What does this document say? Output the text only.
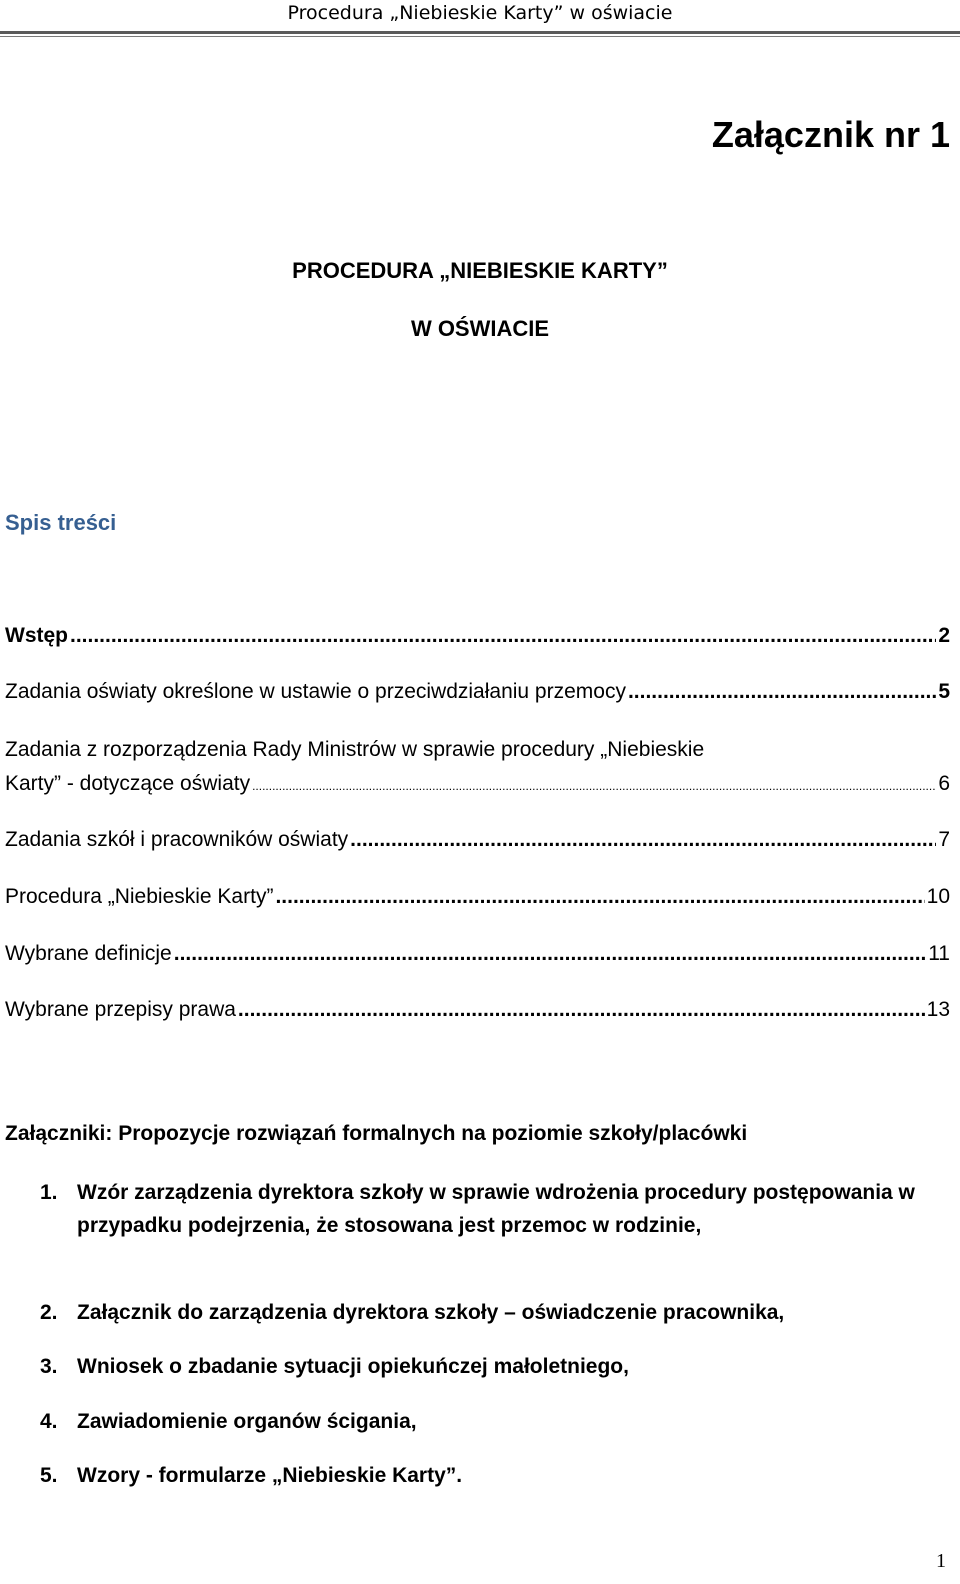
Procedura „Niebieskie Karty” w oświacie
Załącznik nr 1
PROCEDURA „NIEBIESKIE KARTY”
W OŚWIACIE
Spis treści
Wstęp .....	2
Zadania oświaty określone w ustawie o przeciwdziałaniu przemocy .....	5
Zadania z rozporządzenia Rady Ministrów w sprawie procedury „Niebieskie
Karty” - dotyczące oświaty .....	6
Zadania szkół i pracowników oświaty .....	7
Procedura „Niebieskie Karty” .....	10
Wybrane definicje .....	11
Wybrane przepisy prawa .....	13
Załączniki: Propozycje rozwiązań formalnych na poziomie szkoły/placówki
1. Wzór zarządzenia dyrektora szkoły w sprawie wdrożenia procedury postępowania w przypadku podejrzenia, że stosowana jest przemoc w rodzinie,
2. Załącznik do zarządzenia dyrektora szkoły – oświadczenie pracownika,
3. Wniosek o zbadanie sytuacji opiekuńczej małoletniego,
4. Zawiadomienie organów ścigania,
5. Wzory - formularze „Niebieskie Karty”.
1
